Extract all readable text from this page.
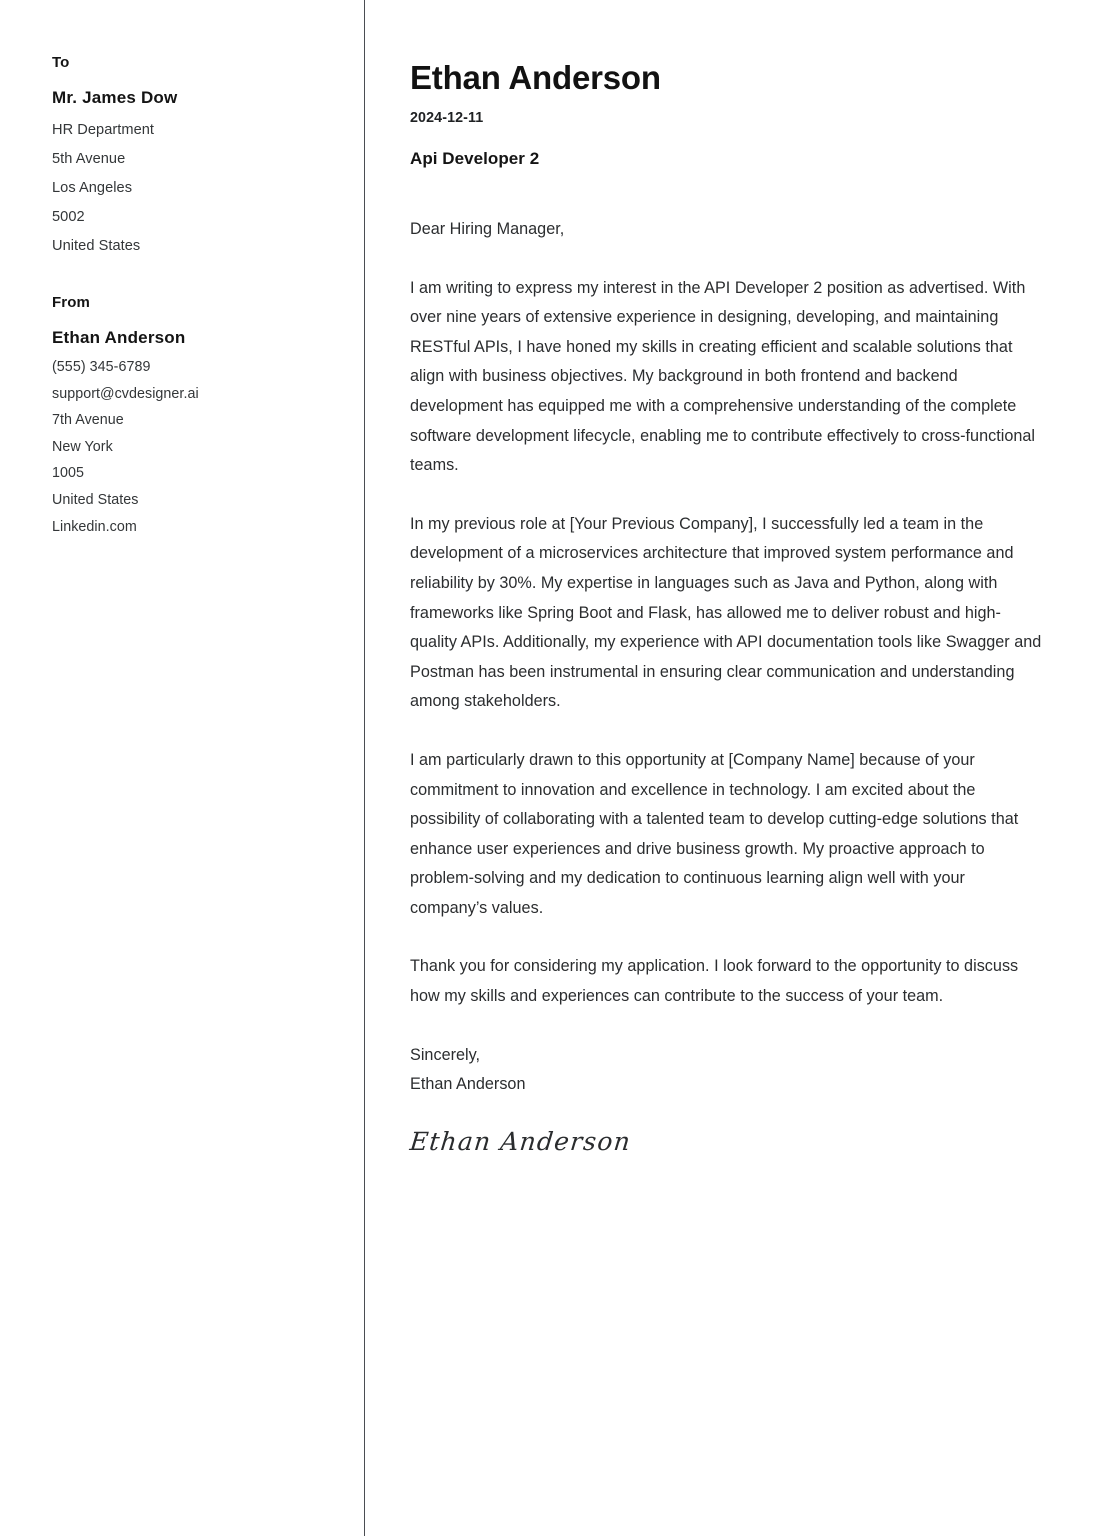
To
Mr. James Dow
HR Department
5th Avenue
Los Angeles
5002
United States
From
Ethan Anderson
(555) 345-6789
support@cvdesigner.ai
7th Avenue
New York
1005
United States
Linkedin.com
Ethan Anderson
2024-12-11
Api Developer 2

Dear Hiring Manager,

I am writing to express my interest in the API Developer 2 position as advertised. With over nine years of extensive experience in designing, developing, and maintaining RESTful APIs, I have honed my skills in creating efficient and scalable solutions that align with business objectives. My background in both frontend and backend development has equipped me with a comprehensive understanding of the complete software development lifecycle, enabling me to contribute effectively to cross-functional teams.

In my previous role at [Your Previous Company], I successfully led a team in the development of a microservices architecture that improved system performance and reliability by 30%. My expertise in languages such as Java and Python, along with frameworks like Spring Boot and Flask, has allowed me to deliver robust and high-quality APIs. Additionally, my experience with API documentation tools like Swagger and Postman has been instrumental in ensuring clear communication and understanding among stakeholders.

I am particularly drawn to this opportunity at [Company Name] because of your commitment to innovation and excellence in technology. I am excited about the possibility of collaborating with a talented team to develop cutting-edge solutions that enhance user experiences and drive business growth. My proactive approach to problem-solving and my dedication to continuous learning align well with your company’s values.

Thank you for considering my application. I look forward to the opportunity to discuss how my skills and experiences can contribute to the success of your team.

Sincerely,

Ethan Anderson

Ethan Anderson
